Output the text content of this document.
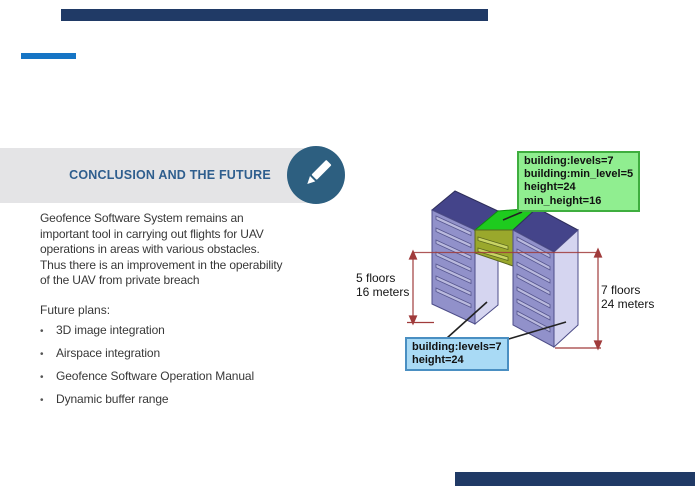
CONCLUSION AND THE FUTURE
Geofence Software System remains an important tool in carrying out flights for UAV operations in areas with various obstacles. Thus there is an improvement in the operability of the UAV from private breach
Future plans:
•	3D image integration
•	Airspace integration
•	Geofence Software Operation Manual
•	Dynamic buffer range
building:levels=7
building:min_level=5
height=24
min_height=16
building:levels=7
height=24
5 floors
16 meters	7 floors
24 meters
